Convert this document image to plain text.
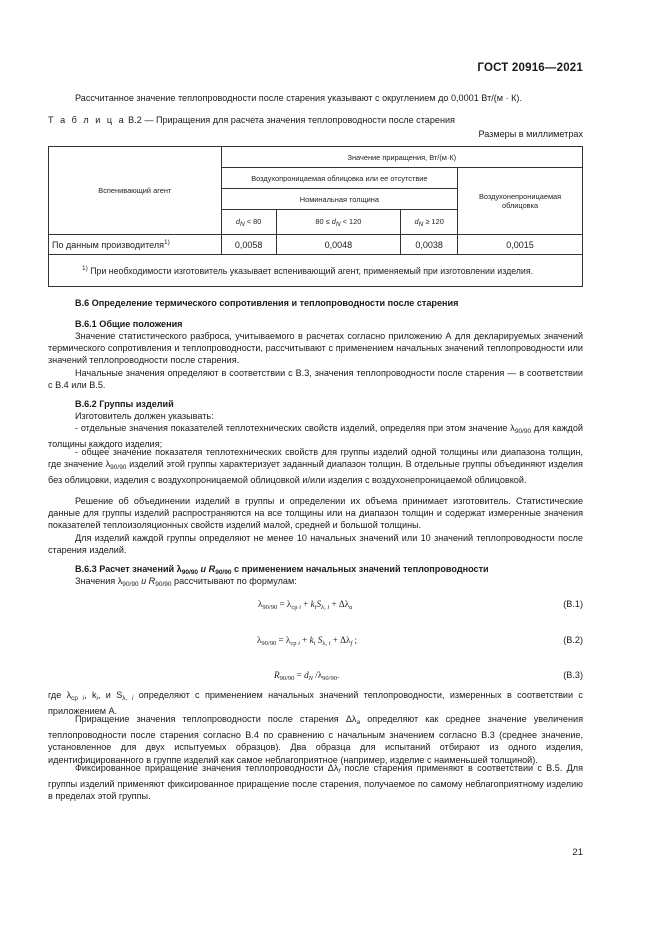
ГОСТ 20916—2021

Рассчитанное значение теплопроводности после старения указывают с округлением до 0,0001 Вт/(м · К).

Т а б л и ц а В.2 — Приращения для расчета значения теплопроводности после старения
Размеры в миллиметрах
Вспенивающий агент	Значение приращения, Вт/(м·К)			
	Воздухопроницаемая облицовка или ее отсутствие			Воздухонепроницаемая облицовка
	Номинальная толщина			
	$d_N < 80$	$80 \le d_N < 120$	$d_N \ge 120$	
По данным производителя$^{1)}$	0,0058	0,0048	0,0038	0,0015
$^{1)}$ При необходимости изготовитель указывает вспенивающий агент, применяемый при изготовлении изделия.				
В.6 Определение термического сопротивления и теплопроводности после старения
В.6.1 Общие положения

Значение статистического разброса, учитываемого в расчетах согласно приложению А для декларируемых значений термического сопротивления и теплопроводности, рассчитывают с применением начальных значений теплопроводности или значений теплопроводности после старения.

Начальные значения определяют в соответствии с В.3, значения теплопроводности после старения — в соответствии с В.4 или В.5.

В.6.2 Группы изделий

Изготовитель должен указывать:

- отдельные значения показателей теплотехнических свойств изделий, определяя при этом значение $\lambda_{90/90}$ для каждой толщины каждого изделия;

- общее значение показателя теплотехнических свойств для группы изделий одной толщины или диапазона толщин, где значение $\lambda_{90/90}$ изделий этой группы характеризует заданный диапазон толщин. В отдельные группы объединяют изделия без облицовки, изделия с воздухопроницаемой облицовкой и/или изделия с воздухонепроницаемой облицовкой.

Решение об объединении изделий в группы и определении их объема принимает изготовитель. Статистические данные для группы изделий распространяются на все толщины или на диапазон толщин и содержат измеренные значения показателей теплоизоляционных свойств изделий малой, средней и большой толщины.

Для изделий каждой группы определяют не менее 10 начальных значений или 10 значений теплопроводности после старения изделий.

В.6.3 Расчет значений $\lambda_{90/90}$ и $R_{90/90}$ с применением начальных значений теплопроводности
Значения $\lambda_{90/90}$ и $R_{90/90}$ рассчитывают по формулам:
$\lambda_{90/90} = \lambda_{ср i} + k_iS_{\lambda, i} + \Delta\lambda_a$	(В.1)
$\lambda_{90/90} = \lambda_{ср i} + k_i$ $S_{\lambda, i} + \Delta\lambda_f$ ;	(В.2)
$R_{90/90} = d_N$ $/\lambda_{90/90}$.	(В.3)

где $\lambda_{ср i}$, $k_i$, и $S_{\lambda, i}$ определяют с применением начальных значений теплопроводности, измеренных в соответствии с приложением А.

Приращение значения теплопроводности после старения $\Delta\lambda_a$ определяют как среднее значение увеличения теплопроводности после старения согласно В.4 по сравнению с начальным значением согласно В.3 (среднее значение, установленное для двух испытуемых образцов). Два образца для испытаний отбирают из одного изделия, идентифицированного в группе изделий как самое неблагоприятное (например, изделие с наименьшей толщиной).

Фиксированное приращение значения теплопроводности $\Delta\lambda_f$ после старения применяют в соответствии с В.5. Для группы изделий применяют фиксированное приращение после старения, получаемое по самому неблагоприятному изделию в пределах этой группы.

21
